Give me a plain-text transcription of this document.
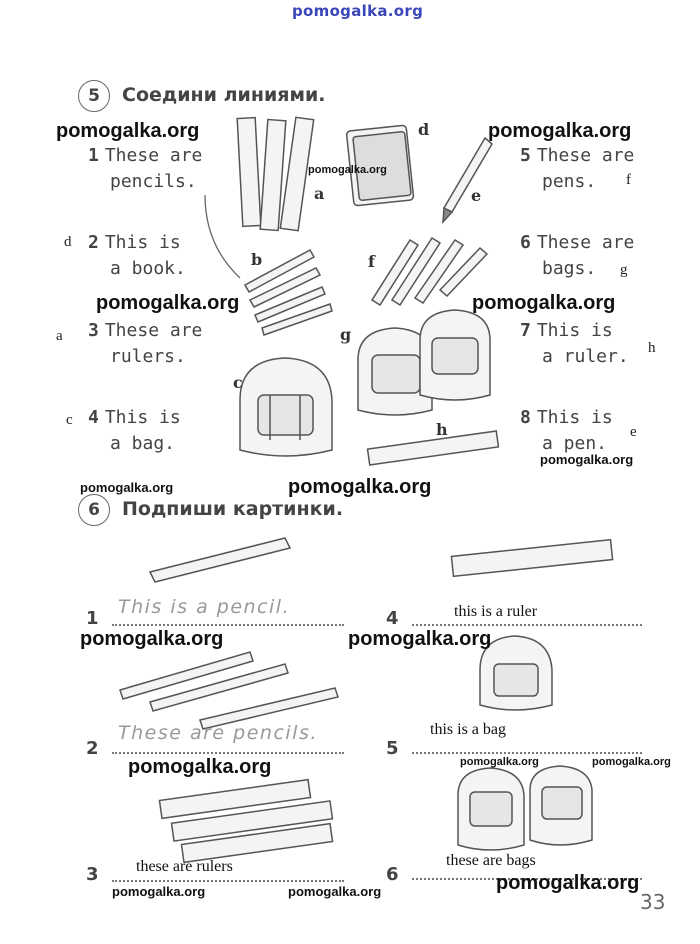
pomogalka.org
5	Соедини линиями.
a
b
c
d
e
f
g
h
1 These are
pencils.
2 This is
a book.
3 These are
rulers.
4 This is
a bag.
5 These are
pens.
6 These are
bags.
7 This is
a ruler.
8 This is
a pen.
d
a
c
f
g
h
e
6	Подпиши картинки.
1
This is a pencil.
2
These are pencils.
3 these are rulers
4	this is a ruler
5
this is a bag
6
these are bags
pomogalka.org	pomogalka.org
pomogalka.org
pomogalka.org	pomogalka.org
pomogalka.org
pomogalka.org	pomogalka.org
pomogalka.org	pomogalka.org
pomogalka.org	pomogalka.org
pomogalka.org
pomogalka.org	pomogalka.org	pomogalka.org
33
